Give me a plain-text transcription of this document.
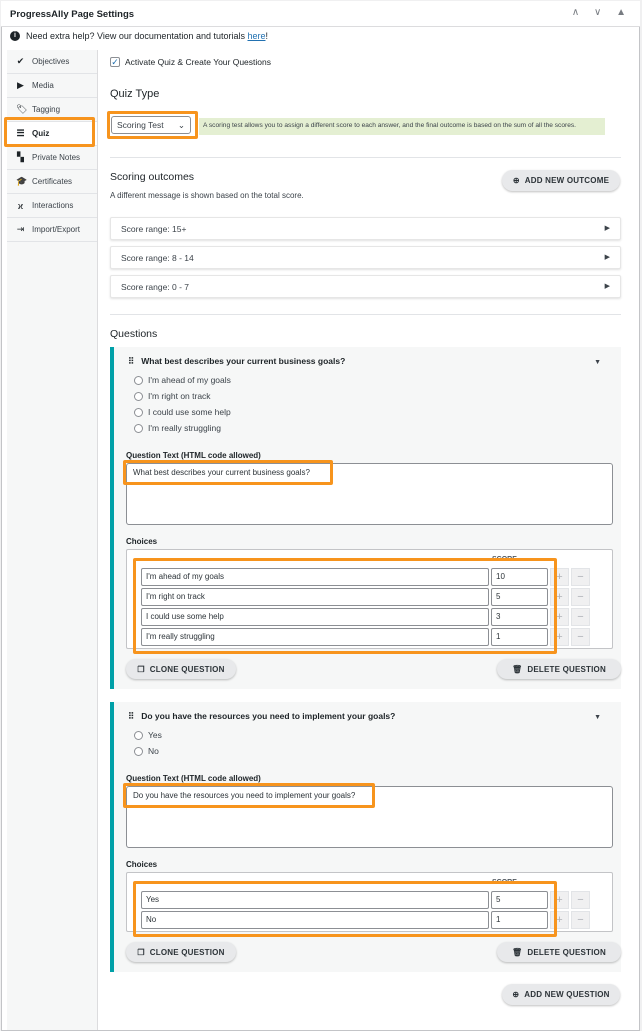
ProgressAlly Page Settings	∧ ∨ ▲
i	Need extra help? View our documentation and tutorials here!
✔ Objectives
▶ Media
🏷 Tagging
☰ Quiz
▚ Private Notes
🎓 Certificates
ϰ Interactions
⇥ Import/Export
✓ Activate Quiz & Create Your Questions
Quiz Type
Scoring Test ⌄	A scoring test allows you to assign a different score to each answer, and the final outcome is based on the sum of all the scores.
Scoring outcomes
A different message is shown based on the total score.
⊕ ADD NEW OUTCOME
Score range: 15+	▶
Score range: 8 - 14	▶
Score range: 0 - 7	▶
Questions
⠿ What best describes your current business goals?	▼
I'm ahead of my goals
I'm right on track
I could use some help
I'm really struggling
Question Text (HTML code allowed)
What best describes your current business goals?
Choices
SCORE
I'm ahead of my goals	10	+	−
I'm right on track	5	+	−
I could use some help	3	+	−
I'm really struggling	1	+	−
❐ CLONE QUESTION	🗑 DELETE QUESTION
⠿ Do you have the resources you need to implement your goals?	▼
Yes
No
Question Text (HTML code allowed)
Do you have the resources you need to implement your goals?
Choices
SCORE
Yes	5	+	−
No	1	+	−
❐ CLONE QUESTION	🗑 DELETE QUESTION
⊕ ADD NEW QUESTION
